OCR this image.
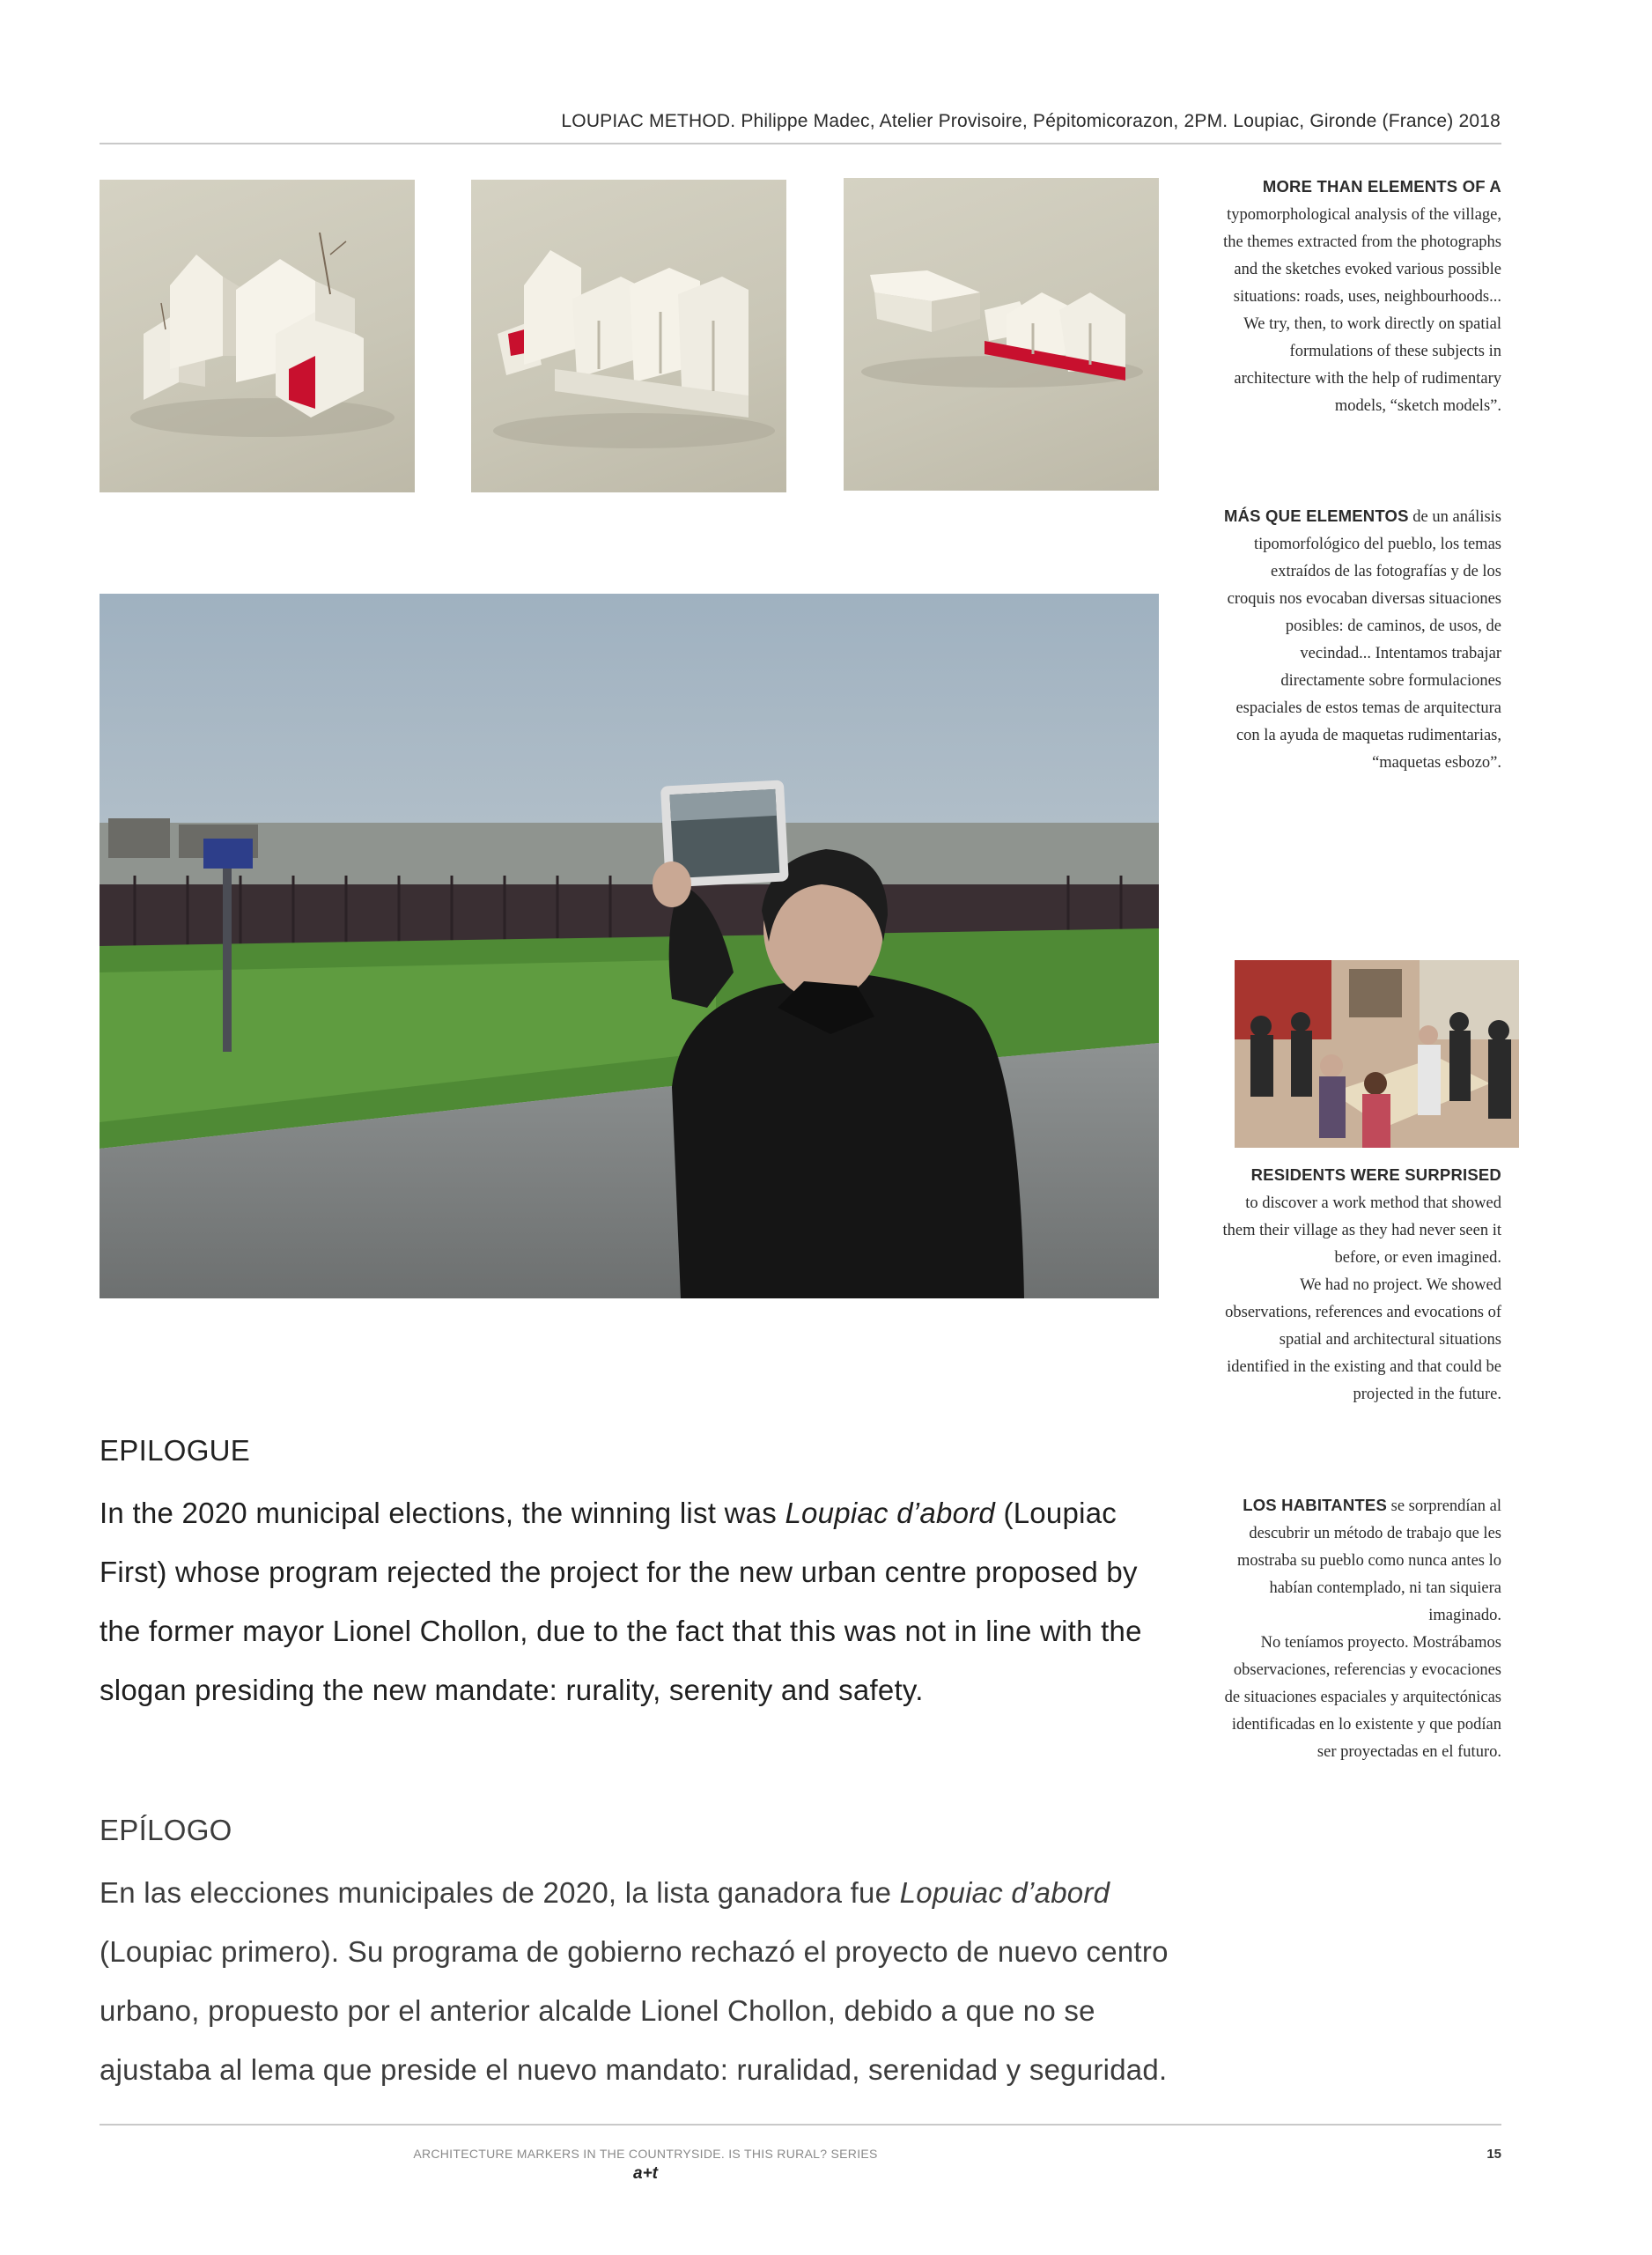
LOUPIAC METHOD. Philippe Madec, Atelier Provisoire, Pépitomicorazon, 2PM. Loupiac, Gironde (France) 2018
MORE THAN ELEMENTS OF A typomorphological analysis of the village, the themes extracted from the photographs and the sketches evoked various possible situations: roads, uses, neighbourhoods... We try, then, to work directly on spatial formulations of these subjects in architecture with the help of rudimentary models, “sketch models”.
MÁS QUE ELEMENTOS de un análisis tipomorfológico del pueblo, los temas extraídos de las fotografías y de los croquis nos evocaban diversas situaciones posibles: de caminos, de usos, de vecindad... Intentamos trabajar directamente sobre formulaciones espaciales de estos temas de arquitectura con la ayuda de maquetas rudimentarias, “maquetas esbozo”.
RESIDENTS WERE SURPRISED
to discover a work method that showed them their village as they had never seen it before, or even imagined.
We had no project. We showed observations, references and evocations of spatial and architectural situations identified in the existing and that could be projected in the future.
LOS HABITANTES se sorprendían al descubrir un método de trabajo que les mostraba su pueblo como nunca antes lo habían contemplado, ni tan siquiera imaginado.
No teníamos proyecto. Mostrábamos observaciones, referencias y evocaciones de situaciones espaciales y arquitectónicas identificadas en lo existente y que podían ser proyectadas en el futuro.
EPILOGUE
In the 2020 municipal elections, the winning list was Loupiac d’abord (Loupiac First) whose program rejected the project for the new urban centre proposed by the former mayor Lionel Chollon, due to the fact that this was not in line with the slogan presiding the new mandate: rurality, serenity and safety.
EPÍLOGO
En las elecciones municipales de 2020, la lista ganadora fue Lopuiac d’abord (Loupiac primero). Su programa de gobierno rechazó el proyecto de nuevo centro urbano, propuesto por el anterior alcalde Lionel Chollon, debido a que no se ajustaba al lema que preside el nuevo mandato: ruralidad, serenidad y seguridad.
ARCHITECTURE MARKERS IN THE COUNTRYSIDE. IS THIS RURAL? SERIES
a+t
15
